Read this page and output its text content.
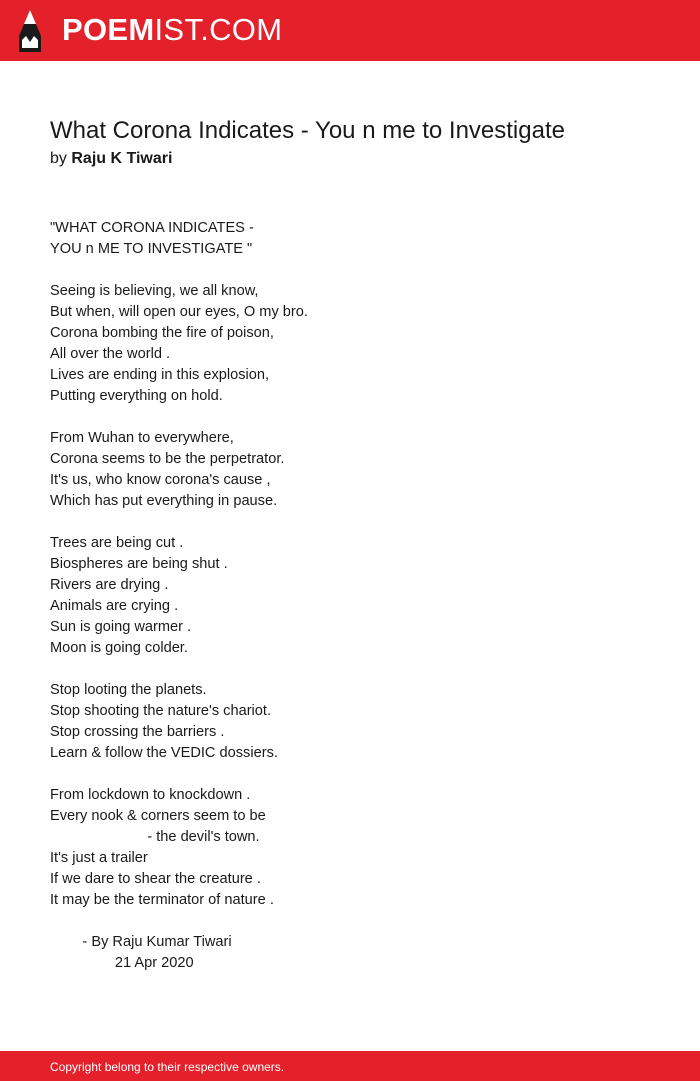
POEMIST.COM
What Corona Indicates - You n me to Investigate
by Raju K Tiwari
"WHAT CORONA INDICATES -
YOU n ME TO INVESTIGATE "

Seeing is believing, we all know,
But when, will open our eyes, O my bro.
Corona bombing the fire of poison,
All over the world .
Lives are ending in this explosion,
Putting everything on hold.

From Wuhan to everywhere,
Corona seems to be the perpetrator.
It's us, who know corona's cause ,
Which has put everything in pause.

Trees are being cut .
Biospheres are being shut .
Rivers are drying .
Animals are crying .
Sun is going warmer .
Moon is going colder.

Stop looting the planets.
Stop shooting the nature's chariot.
Stop crossing the barriers .
Learn & follow the VEDIC dossiers.

From lockdown to knockdown .
Every nook & corners seem to be
- the devil's town.
It's just a trailer
If we dare to shear the creature .
It may be the terminator of nature .

- By Raju Kumar Tiwari
21 Apr 2020
Copyright belong to their respective owners.
